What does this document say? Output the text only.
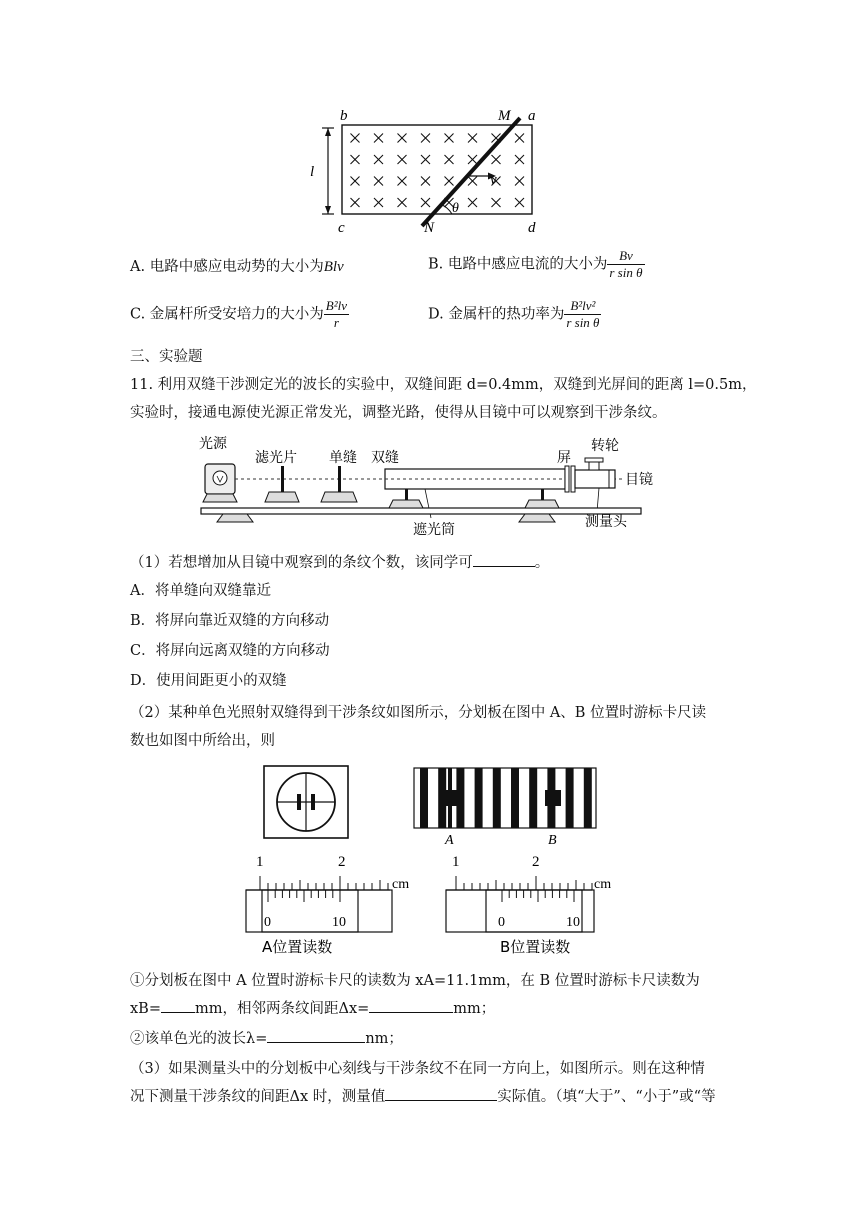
b	M a
l
c	N	d
v
θ
A. 电路中感应电动势的大小为Blv	B. 电路中感应电流的大小为 $\frac{Bv}{\text{r sin θ}}$
C. 金属杆所受安培力的大小为 $\frac{\text{B²lv}}{r}$	D. 金属杆的热功率为 $\frac{\text{B²lv²}}{\text{r sin θ}}$
三、实验题
11. 利用双缝干涉测定光的波长的实验中，双缝间距 d=0.4mm，双缝到光屏间的距离 l=0.5m，
实验时，接通电源使光源正常发光，调整光路，使得从目镜中可以观察到干涉条纹。
光源
滤光片 单缝 双缝	屏
转轮
目镜
遮光筒	测量头
（1）若想增加从目镜中观察到的条纹个数，该同学可	。
A．将单缝向双缝靠近
B．将屏向靠近双缝的方向移动
C．将屏向远离双缝的方向移动
D．使用间距更小的双缝
（2）某种单色光照射双缝得到干涉条纹如图所示，分划板在图中 A、B 位置时游标卡尺读
数也如图中所给出，则
A	B
1	2
cm
0	10
A位置读数
1	2
cm
0	10
B位置读数
①分划板在图中 A 位置时游标卡尺的读数为 xA=11.1mm，在 B 位置时游标卡尺读数为
xB= mm，相邻两条纹间距Δx=	mm；
②该单色光的波长λ=	nm；
（3）如果测量头中的分划板中心刻线与干涉条纹不在同一方向上，如图所示。则在这种情
况下测量干涉条纹的间距Δx 时，测量值	实际值。（填“大于”、“小于”或“等
